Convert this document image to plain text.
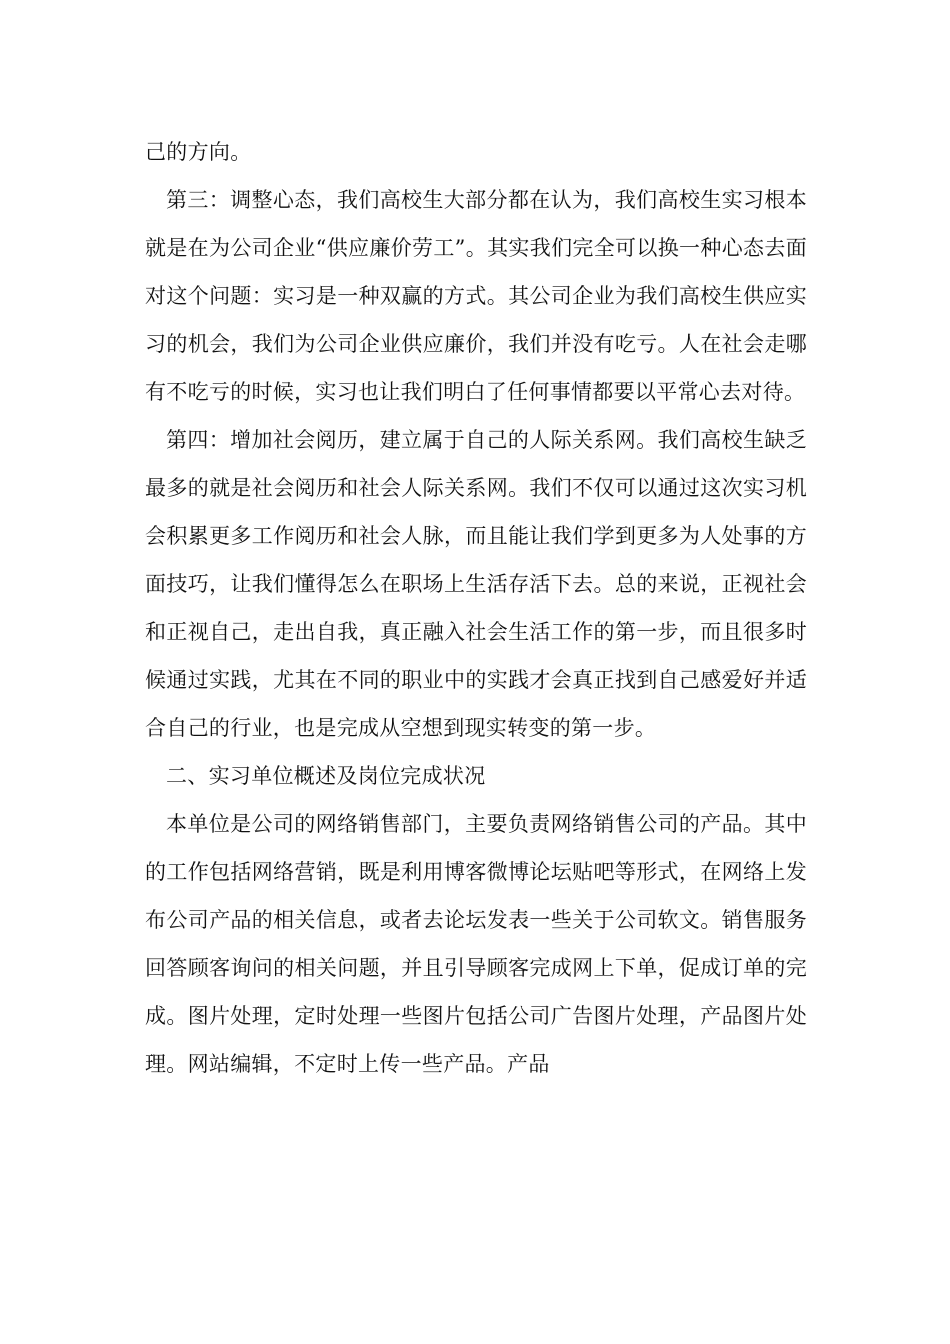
己的方向。

第三：调整心态，我们高校生大部分都在认为，我们高校生实习根本就是在为公司企业“供应廉价劳工”。其实我们完全可以换一种心态去面对这个问题：实习是一种双赢的方式。其公司企业为我们高校生供应实习的机会，我们为公司企业供应廉价，我们并没有吃亏。人在社会走哪有不吃亏的时候，实习也让我们明白了任何事情都要以平常心去对待。

第四：增加社会阅历，建立属于自己的人际关系网。我们高校生缺乏最多的就是社会阅历和社会人际关系网。我们不仅可以通过这次实习机会积累更多工作阅历和社会人脉，而且能让我们学到更多为人处事的方面技巧，让我们懂得怎么在职场上生活存活下去。总的来说，正视社会和正视自己，走出自我，真正融入社会生活工作的第一步，而且很多时候通过实践，尤其在不同的职业中的实践才会真正找到自己感爱好并适合自己的行业，也是完成从空想到现实转变的第一步。

二、实习单位概述及岗位完成状况

本单位是公司的网络销售部门，主要负责网络销售公司的产品。其中的工作包括网络营销，既是利用博客微博论坛贴吧等形式，在网络上发布公司产品的相关信息，或者去论坛发表一些关于公司软文。销售服务回答顾客询问的相关问题，并且引导顾客完成网上下单，促成订单的完成。图片处理，定时处理一些图片包括公司广告图片处理，产品图片处理。网站编辑，不定时上传一些产品。产品
